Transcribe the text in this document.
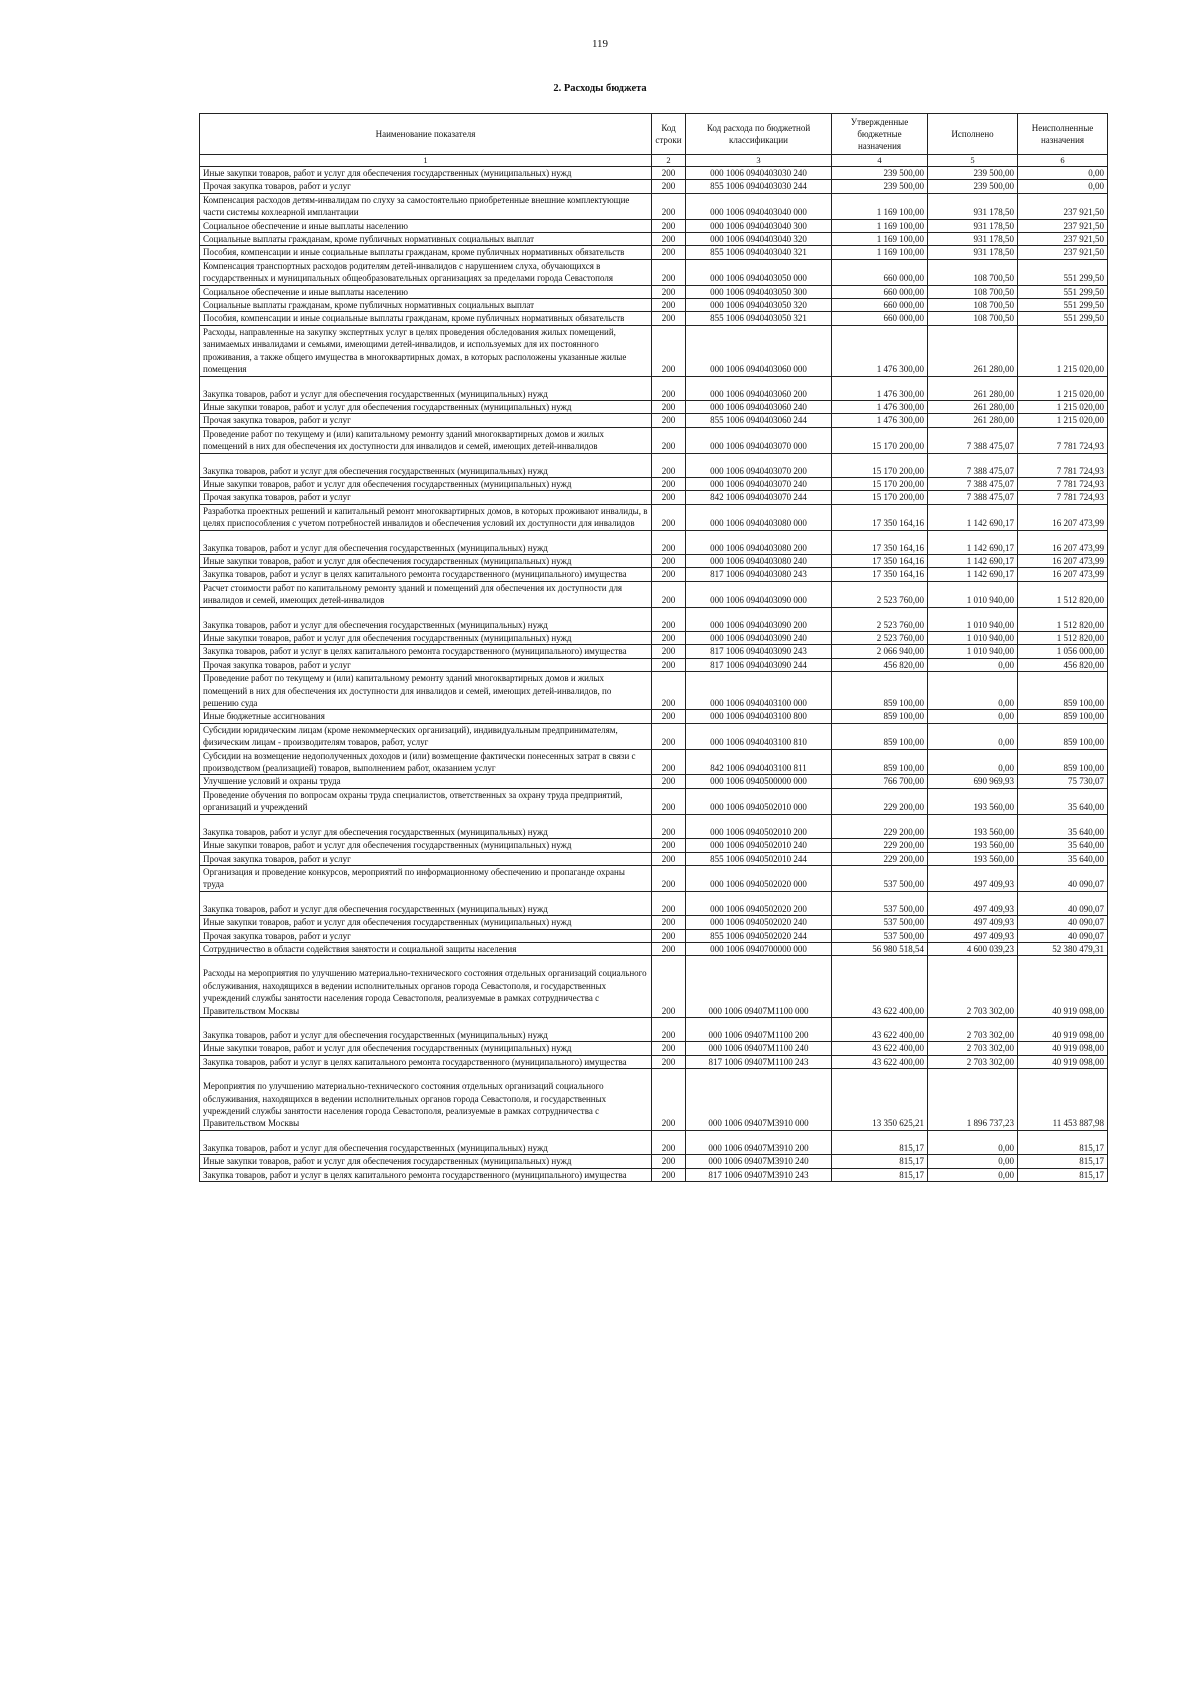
119
2. Расходы бюджета
Наименование показателя	Код строки	Код расхода по бюджетной классификации	Утвержденные бюджетные назначения	Исполнено	Неисполненные назначения
1	2	3	4	5	6
Иные закупки товаров, работ и услуг для обеспечения государственных (муниципальных) нужд	200	000 1006 0940403030 240	239 500,00	239 500,00	0,00
Прочая закупка товаров, работ и услуг	200	855 1006 0940403030 244	239 500,00	239 500,00	0,00
Компенсация расходов детям-инвалидам по слуху за самостоятельно приобретенные внешние комплектующие части системы кохлеарной имплантации	200	000 1006 0940403040 000	1 169 100,00	931 178,50	237 921,50
Социальное обеспечение и иные выплаты населению	200	000 1006 0940403040 300	1 169 100,00	931 178,50	237 921,50
Социальные выплаты гражданам, кроме публичных нормативных социальных выплат	200	000 1006 0940403040 320	1 169 100,00	931 178,50	237 921,50
Пособия, компенсации и иные социальные выплаты гражданам, кроме публичных нормативных обязательств	200	855 1006 0940403040 321	1 169 100,00	931 178,50	237 921,50
Компенсация транспортных расходов родителям детей-инвалидов с нарушением слуха, обучающихся в государственных и муниципальных общеобразовательных организациях за пределами города Севастополя	200	000 1006 0940403050 000	660 000,00	108 700,50	551 299,50
Социальное обеспечение и иные выплаты населению	200	000 1006 0940403050 300	660 000,00	108 700,50	551 299,50
Социальные выплаты гражданам, кроме публичных нормативных социальных выплат	200	000 1006 0940403050 320	660 000,00	108 700,50	551 299,50
Пособия, компенсации и иные социальные выплаты гражданам, кроме публичных нормативных обязательств	200	855 1006 0940403050 321	660 000,00	108 700,50	551 299,50
Расходы, направленные на закупку экспертных услуг в целях проведения обследования жилых помещений, занимаемых инвалидами и семьями, имеющими детей-инвалидов, и используемых для их постоянного проживания, а также общего имущества в многоквартирных домах, в которых расположены указанные жилые помещения	200	000 1006 0940403060 000	1 476 300,00	261 280,00	1 215 020,00
Закупка товаров, работ и услуг для обеспечения государственных (муниципальных) нужд	200	000 1006 0940403060 200	1 476 300,00	261 280,00	1 215 020,00
Иные закупки товаров, работ и услуг для обеспечения государственных (муниципальных) нужд	200	000 1006 0940403060 240	1 476 300,00	261 280,00	1 215 020,00
Прочая закупка товаров, работ и услуг	200	855 1006 0940403060 244	1 476 300,00	261 280,00	1 215 020,00
Проведение работ по текущему и (или) капитальному ремонту зданий многоквартирных домов и жилых помещений в них для обеспечения их доступности для инвалидов и семей, имеющих детей-инвалидов	200	000 1006 0940403070 000	15 170 200,00	7 388 475,07	7 781 724,93
Закупка товаров, работ и услуг для обеспечения государственных (муниципальных) нужд	200	000 1006 0940403070 200	15 170 200,00	7 388 475,07	7 781 724,93
Иные закупки товаров, работ и услуг для обеспечения государственных (муниципальных) нужд	200	000 1006 0940403070 240	15 170 200,00	7 388 475,07	7 781 724,93
Прочая закупка товаров, работ и услуг	200	842 1006 0940403070 244	15 170 200,00	7 388 475,07	7 781 724,93
Разработка проектных решений и капитальный ремонт многоквартирных домов, в которых проживают инвалиды, в целях приспособления с учетом потребностей инвалидов и обеспечения условий их доступности для инвалидов	200	000 1006 0940403080 000	17 350 164,16	1 142 690,17	16 207 473,99
Закупка товаров, работ и услуг для обеспечения государственных (муниципальных) нужд	200	000 1006 0940403080 200	17 350 164,16	1 142 690,17	16 207 473,99
Иные закупки товаров, работ и услуг для обеспечения государственных (муниципальных) нужд	200	000 1006 0940403080 240	17 350 164,16	1 142 690,17	16 207 473,99
Закупка товаров, работ и услуг в целях капитального ремонта государственного (муниципального) имущества	200	817 1006 0940403080 243	17 350 164,16	1 142 690,17	16 207 473,99
Расчет стоимости работ по капитальному ремонту зданий и помещений для обеспечения их доступности для инвалидов и семей, имеющих детей-инвалидов	200	000 1006 0940403090 000	2 523 760,00	1 010 940,00	1 512 820,00
Закупка товаров, работ и услуг для обеспечения государственных (муниципальных) нужд	200	000 1006 0940403090 200	2 523 760,00	1 010 940,00	1 512 820,00
Иные закупки товаров, работ и услуг для обеспечения государственных (муниципальных) нужд	200	000 1006 0940403090 240	2 523 760,00	1 010 940,00	1 512 820,00
Закупка товаров, работ и услуг в целях капитального ремонта государственного (муниципального) имущества	200	817 1006 0940403090 243	2 066 940,00	1 010 940,00	1 056 000,00
Прочая закупка товаров, работ и услуг	200	817 1006 0940403090 244	456 820,00	0,00	456 820,00
Проведение работ по текущему и (или) капитальному ремонту зданий многоквартирных домов и жилых помещений в них для обеспечения их доступности для инвалидов и семей, имеющих детей-инвалидов, по решению суда	200	000 1006 0940403100 000	859 100,00	0,00	859 100,00
Иные бюджетные ассигнования	200	000 1006 0940403100 800	859 100,00	0,00	859 100,00
Субсидии юридическим лицам (кроме некоммерческих организаций), индивидуальным предпринимателям, физическим лицам - производителям товаров, работ, услуг	200	000 1006 0940403100 810	859 100,00	0,00	859 100,00
Субсидии на возмещение недополученных доходов и (или) возмещение фактически понесенных затрат в связи с производством (реализацией) товаров, выполнением работ, оказанием услуг	200	842 1006 0940403100 811	859 100,00	0,00	859 100,00
Улучшение условий и охраны труда	200	000 1006 0940500000 000	766 700,00	690 969,93	75 730,07
Проведение обучения по вопросам охраны труда специалистов, ответственных за охрану труда предприятий, организаций и учреждений	200	000 1006 0940502010 000	229 200,00	193 560,00	35 640,00
Закупка товаров, работ и услуг для обеспечения государственных (муниципальных) нужд	200	000 1006 0940502010 200	229 200,00	193 560,00	35 640,00
Иные закупки товаров, работ и услуг для обеспечения государственных (муниципальных) нужд	200	000 1006 0940502010 240	229 200,00	193 560,00	35 640,00
Прочая закупка товаров, работ и услуг	200	855 1006 0940502010 244	229 200,00	193 560,00	35 640,00
Организация и проведение конкурсов, мероприятий по информационному обеспечению и пропаганде охраны труда	200	000 1006 0940502020 000	537 500,00	497 409,93	40 090,07
Закупка товаров, работ и услуг для обеспечения государственных (муниципальных) нужд	200	000 1006 0940502020 200	537 500,00	497 409,93	40 090,07
Иные закупки товаров, работ и услуг для обеспечения государственных (муниципальных) нужд	200	000 1006 0940502020 240	537 500,00	497 409,93	40 090,07
Прочая закупка товаров, работ и услуг	200	855 1006 0940502020 244	537 500,00	497 409,93	40 090,07
Сотрудничество в области содействия занятости и социальной защиты населения	200	000 1006 0940700000 000	56 980 518,54	4 600 039,23	52 380 479,31
Расходы на мероприятия по улучшению материально-технического состояния отдельных организаций социального обслуживания, находящихся в ведении исполнительных органов города Севастополя, и государственных учреждений службы занятости населения города Севастополя, реализуемые в рамках сотрудничества с Правительством Москвы	200	000 1006 09407M1100 000	43 622 400,00	2 703 302,00	40 919 098,00
Закупка товаров, работ и услуг для обеспечения государственных (муниципальных) нужд	200	000 1006 09407M1100 200	43 622 400,00	2 703 302,00	40 919 098,00
Иные закупки товаров, работ и услуг для обеспечения государственных (муниципальных) нужд	200	000 1006 09407M1100 240	43 622 400,00	2 703 302,00	40 919 098,00
Закупка товаров, работ и услуг в целях капитального ремонта государственного (муниципального) имущества	200	817 1006 09407M1100 243	43 622 400,00	2 703 302,00	40 919 098,00
Мероприятия по улучшению материально-технического состояния отдельных организаций социального обслуживания, находящихся в ведении исполнительных органов города Севастополя, и государственных учреждений службы занятости населения города Севастополя, реализуемые в рамках сотрудничества с Правительством Москвы	200	000 1006 09407M3910 000	13 350 625,21	1 896 737,23	11 453 887,98
Закупка товаров, работ и услуг для обеспечения государственных (муниципальных) нужд	200	000 1006 09407M3910 200	815,17	0,00	815,17
Иные закупки товаров, работ и услуг для обеспечения государственных (муниципальных) нужд	200	000 1006 09407M3910 240	815,17	0,00	815,17
Закупка товаров, работ и услуг в целях капитального ремонта государственного (муниципального) имущества	200	817 1006 09407M3910 243	815,17	0,00	815,17
